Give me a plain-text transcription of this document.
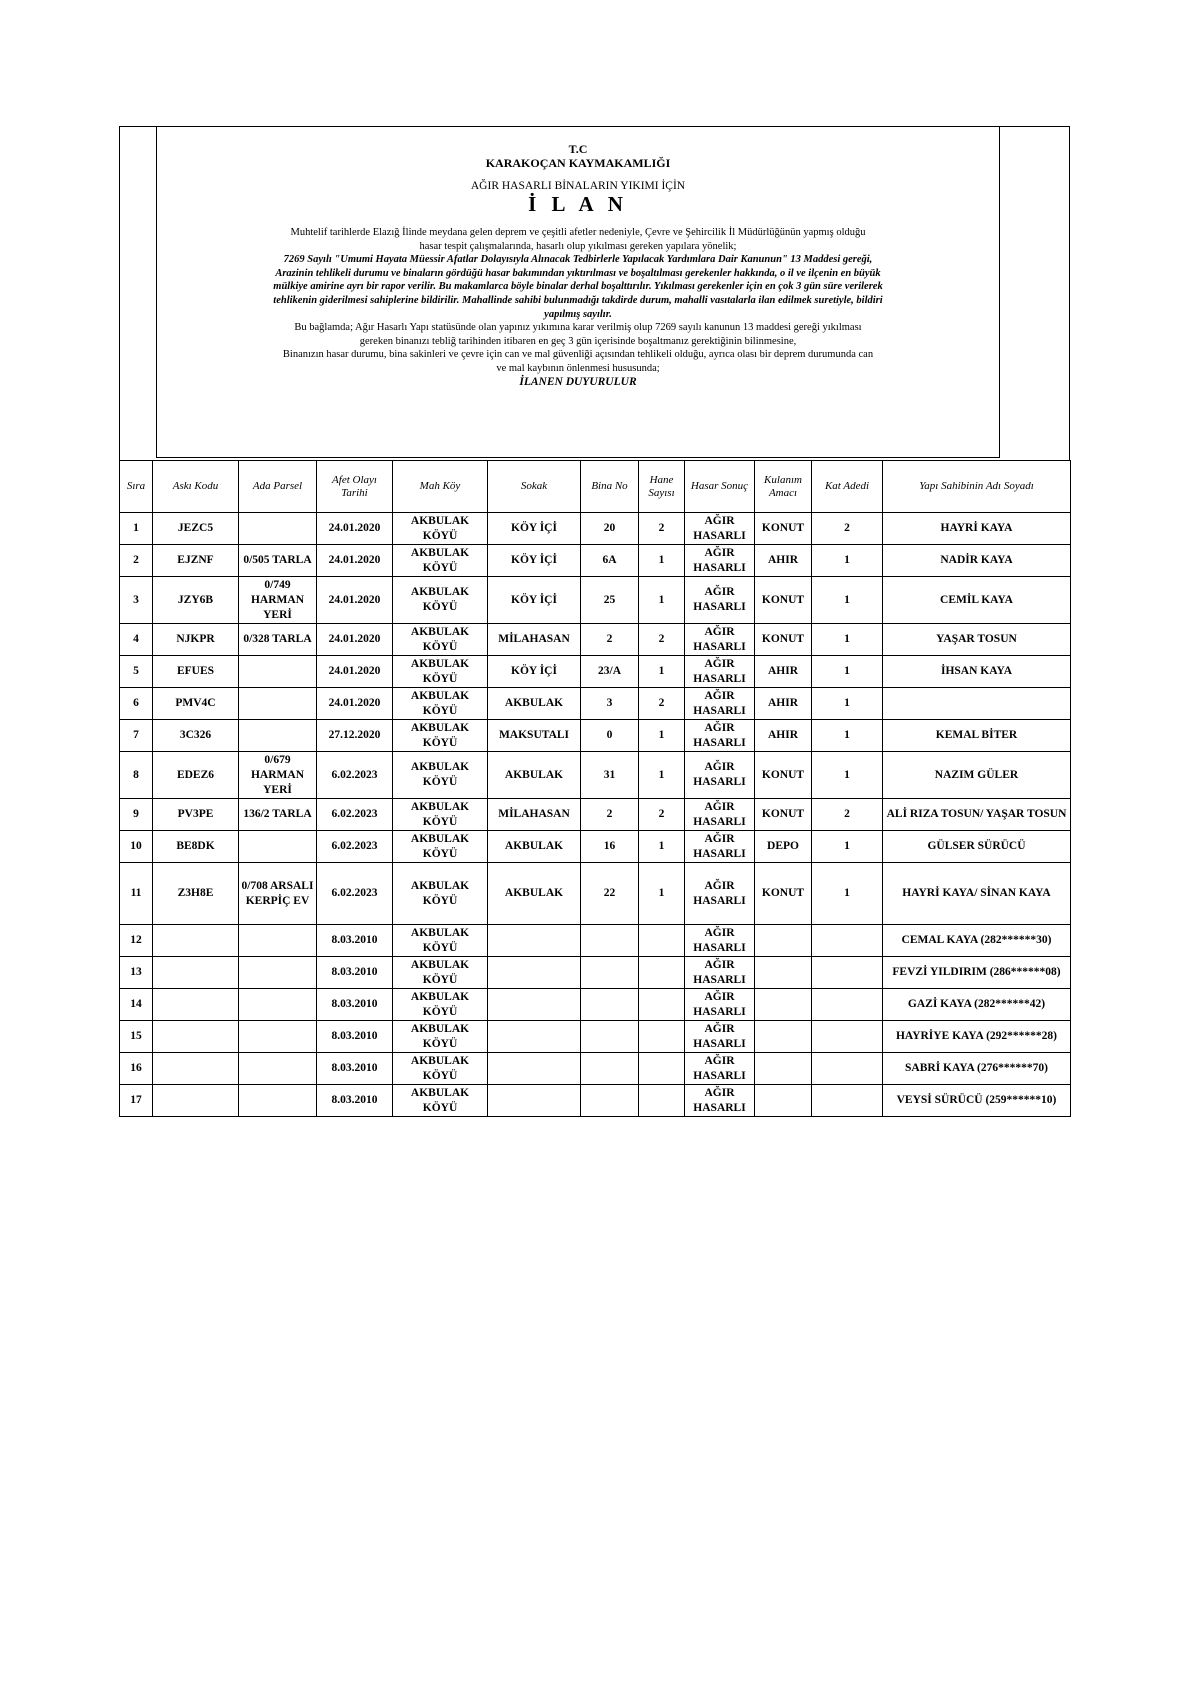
T.C
KARAKOÇAN KAYMAKAMLIĞI
AĞIR HASARLI BİNALARIN YIKIMI İÇİN
İ L A N
Muhtelif tarihlerde Elazığ İlinde meydana gelen deprem ve çeşitli afetler nedeniyle, Çevre ve Şehircilik İl Müdürlüğünün yapmış olduğu
hasar tespit çalışmalarında, hasarlı olup yıkılması gereken yapılara yönelik;
7269 Sayılı "Umumi Hayata Müessir Afatlar Dolayısıyla Alınacak Tedbirlerle Yapılacak Yardımlara Dair Kanunun" 13 Maddesi gereği,
Arazinin tehlikeli durumu ve binaların gördüğü hasar bakımından yıktırılması ve boşaltılması gerekenler hakkında, o il ve ilçenin en büyük
mülkiye amirine ayrı bir rapor verilir. Bu makamlarca böyle binalar derhal boşalttırılır. Yıkılması gerekenler için en çok 3 gün süre verilerek
tehlikenin giderilmesi sahiplerine bildirilir. Mahallinde sahibi bulunmadığı takdirde durum, mahalli vasıtalarla ilan edilmek suretiyle, bildiri
yapılmış sayılır.
Bu bağlamda; Ağır Hasarlı Yapı statüsünde olan yapınız yıkımına karar verilmiş olup 7269 sayılı kanunun 13 maddesi gereği yıkılması
gereken binanızı tebliğ tarihinden itibaren en geç 3 gün içerisinde boşaltmanız gerektiğinin bilinmesine,
Binanızın hasar durumu, bina sakinleri ve çevre için can ve mal güvenliği açısından tehlikeli olduğu, ayrıca olası bir deprem durumunda can
ve mal kaybının önlenmesi hususunda;
İLANEN DUYURULUR
Sıra	Askı Kodu	Ada Parsel	Afet Olayı Tarihi	Mah Köy	Sokak	Bina No	Hane Sayısı	Hasar Sonuç	Kulanım Amacı	Kat Adedi	Yapı Sahibinin Adı Soyadı
1	JEZC5		24.01.2020	AKBULAK KÖYÜ	KÖY İÇİ	20	2	AĞIR HASARLI	KONUT	2	HAYRİ KAYA
2	EJZNF	0/505 TARLA	24.01.2020	AKBULAK KÖYÜ	KÖY İÇİ	6A	1	AĞIR HASARLI	AHIR	1	NADİR KAYA
3	JZY6B	0/749 HARMAN YERİ	24.01.2020	AKBULAK KÖYÜ	KÖY İÇİ	25	1	AĞIR HASARLI	KONUT	1	CEMİL KAYA
4	NJKPR	0/328 TARLA	24.01.2020	AKBULAK KÖYÜ	MİLAHASAN	2	2	AĞIR HASARLI	KONUT	1	YAŞAR TOSUN
5	EFUES		24.01.2020	AKBULAK KÖYÜ	KÖY İÇİ	23/A	1	AĞIR HASARLI	AHIR	1	İHSAN KAYA
6	PMV4C		24.01.2020	AKBULAK KÖYÜ	AKBULAK	3	2	AĞIR HASARLI	AHIR	1	
7	3C326		27.12.2020	AKBULAK KÖYÜ	MAKSUTALI	0	1	AĞIR HASARLI	AHIR	1	KEMAL BİTER
8	EDEZ6	0/679 HARMAN YERİ	6.02.2023	AKBULAK KÖYÜ	AKBULAK	31	1	AĞIR HASARLI	KONUT	1	NAZIM GÜLER
9	PV3PE	136/2 TARLA	6.02.2023	AKBULAK KÖYÜ	MİLAHASAN	2	2	AĞIR HASARLI	KONUT	2	ALİ RIZA TOSUN/ YAŞAR TOSUN
10	BE8DK		6.02.2023	AKBULAK KÖYÜ	AKBULAK	16	1	AĞIR HASARLI	DEPO	1	GÜLSER SÜRÜCÜ
11	Z3H8E	0/708 ARSALI KERPİÇ EV	6.02.2023	AKBULAK KÖYÜ	AKBULAK	22	1	AĞIR HASARLI	KONUT	1	HAYRİ KAYA/ SİNAN KAYA
12			8.03.2010	AKBULAK KÖYÜ				AĞIR HASARLI			CEMAL KAYA (282******30)
13			8.03.2010	AKBULAK KÖYÜ				AĞIR HASARLI			FEVZİ YILDIRIM (286******08)
14			8.03.2010	AKBULAK KÖYÜ				AĞIR HASARLI			GAZİ KAYA (282******42)
15			8.03.2010	AKBULAK KÖYÜ				AĞIR HASARLI			HAYRİYE KAYA (292******28)
16			8.03.2010	AKBULAK KÖYÜ				AĞIR HASARLI			SABRİ KAYA (276******70)
17			8.03.2010	AKBULAK KÖYÜ				AĞIR HASARLI			VEYSİ SÜRÜCÜ (259******10)
